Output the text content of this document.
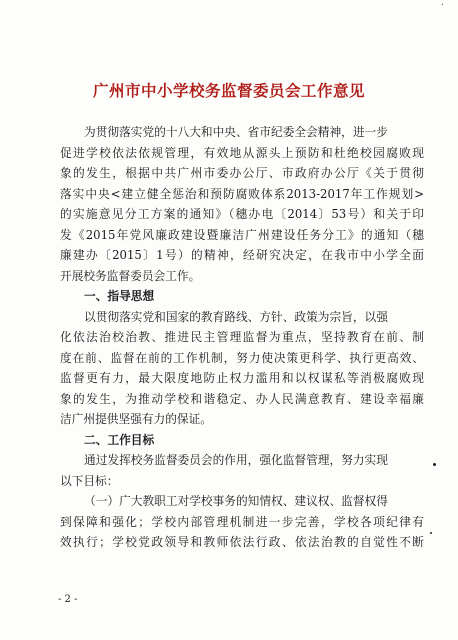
·
广州市中小学校务监督委员会工作意见
为贯彻落实党的十八大和中央、省市纪委全会精神，进一步
促进学校依法依规管理，有效地从源头上预防和杜绝校园腐败现
象的发生，根据中共广州市委办公厅、市政府办公厅《关于贯彻
落实中央<建立健全惩治和预防腐败体系2013-2017年工作规划>
的实施意见分工方案的通知》（穗办电〔2014〕53号）和关于印
发《2015年党风廉政建设暨廉洁广州建设任务分工》的通知（穗
廉建办〔2015〕1号）的精神，经研究决定，在我市中小学全面
开展校务监督委员会工作。
一、指导思想
以贯彻落实党和国家的教育路线、方针、政策为宗旨，以强
化依法治校治教、推进民主管理监督为重点，坚持教育在前、制
度在前、监督在前的工作机制，努力使决策更科学、执行更高效、
监督更有力，最大限度地防止权力滥用和以权谋私等消极腐败现
象的发生，为推动学校和谐稳定、办人民满意教育、建设幸福廉
洁广州提供坚强有力的保证。
二、工作目标
通过发挥校务监督委员会的作用，强化监督管理，努力实现
以下目标：
（一）广大教职工对学校事务的知情权、建议权、监督权得
到保障和强化；学校内部管理机制进一步完善，学校各项纪律有
效执行；学校党政领导和教师依法行政、依法治教的自觉性不断
- 2 -
